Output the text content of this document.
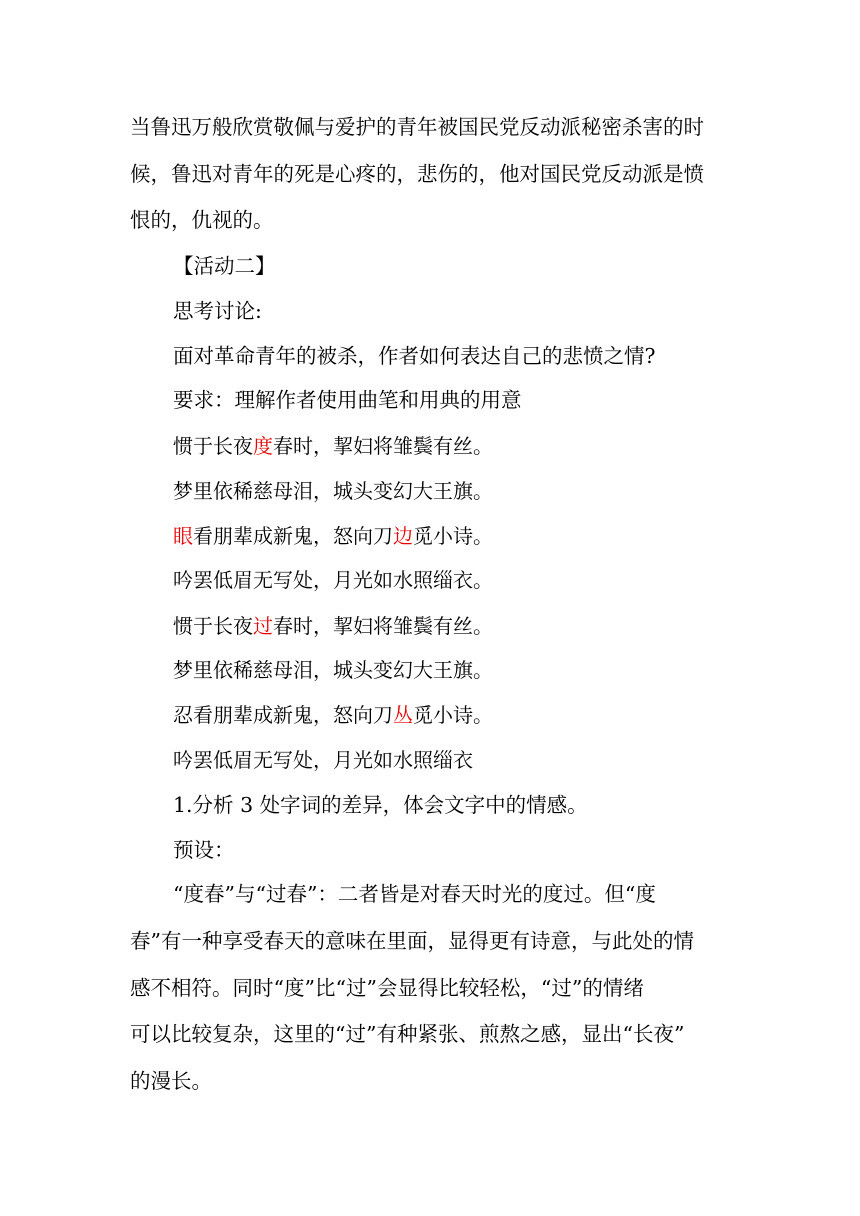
当鲁迅万般欣赏敬佩与爱护的青年被国民党反动派秘密杀害的时
候，鲁迅对青年的死是心疼的，悲伤的，他对国民党反动派是愤
恨的，仇视的。
【活动二】
思考讨论:
面对革命青年的被杀，作者如何表达自己的悲愤之情?
要求：理解作者使用曲笔和用典的用意
惯于长夜度春时，挈妇将雏鬓有丝。
梦里依稀慈母泪，城头变幻大王旗。
眼看朋辈成新鬼，怒向刀边觅小诗。
吟罢低眉无写处，月光如水照缁衣。
惯于长夜过春时，挈妇将雏鬓有丝。
梦里依稀慈母泪，城头变幻大王旗。
忍看朋辈成新鬼，怒向刀丛觅小诗。
吟罢低眉无写处，月光如水照缁衣
1.分析 3 处字词的差异，体会文字中的情感。
预设：
“度春”与“过春”：二者皆是对春天时光的度过。但“度
春”有一种享受春天的意味在里面，显得更有诗意，与此处的情
感不相符。同时“度”比“过”会显得比较轻松，“过”的情绪
可以比较复杂，这里的“过”有种紧张、煎熬之感，显出“长夜”
的漫长。
